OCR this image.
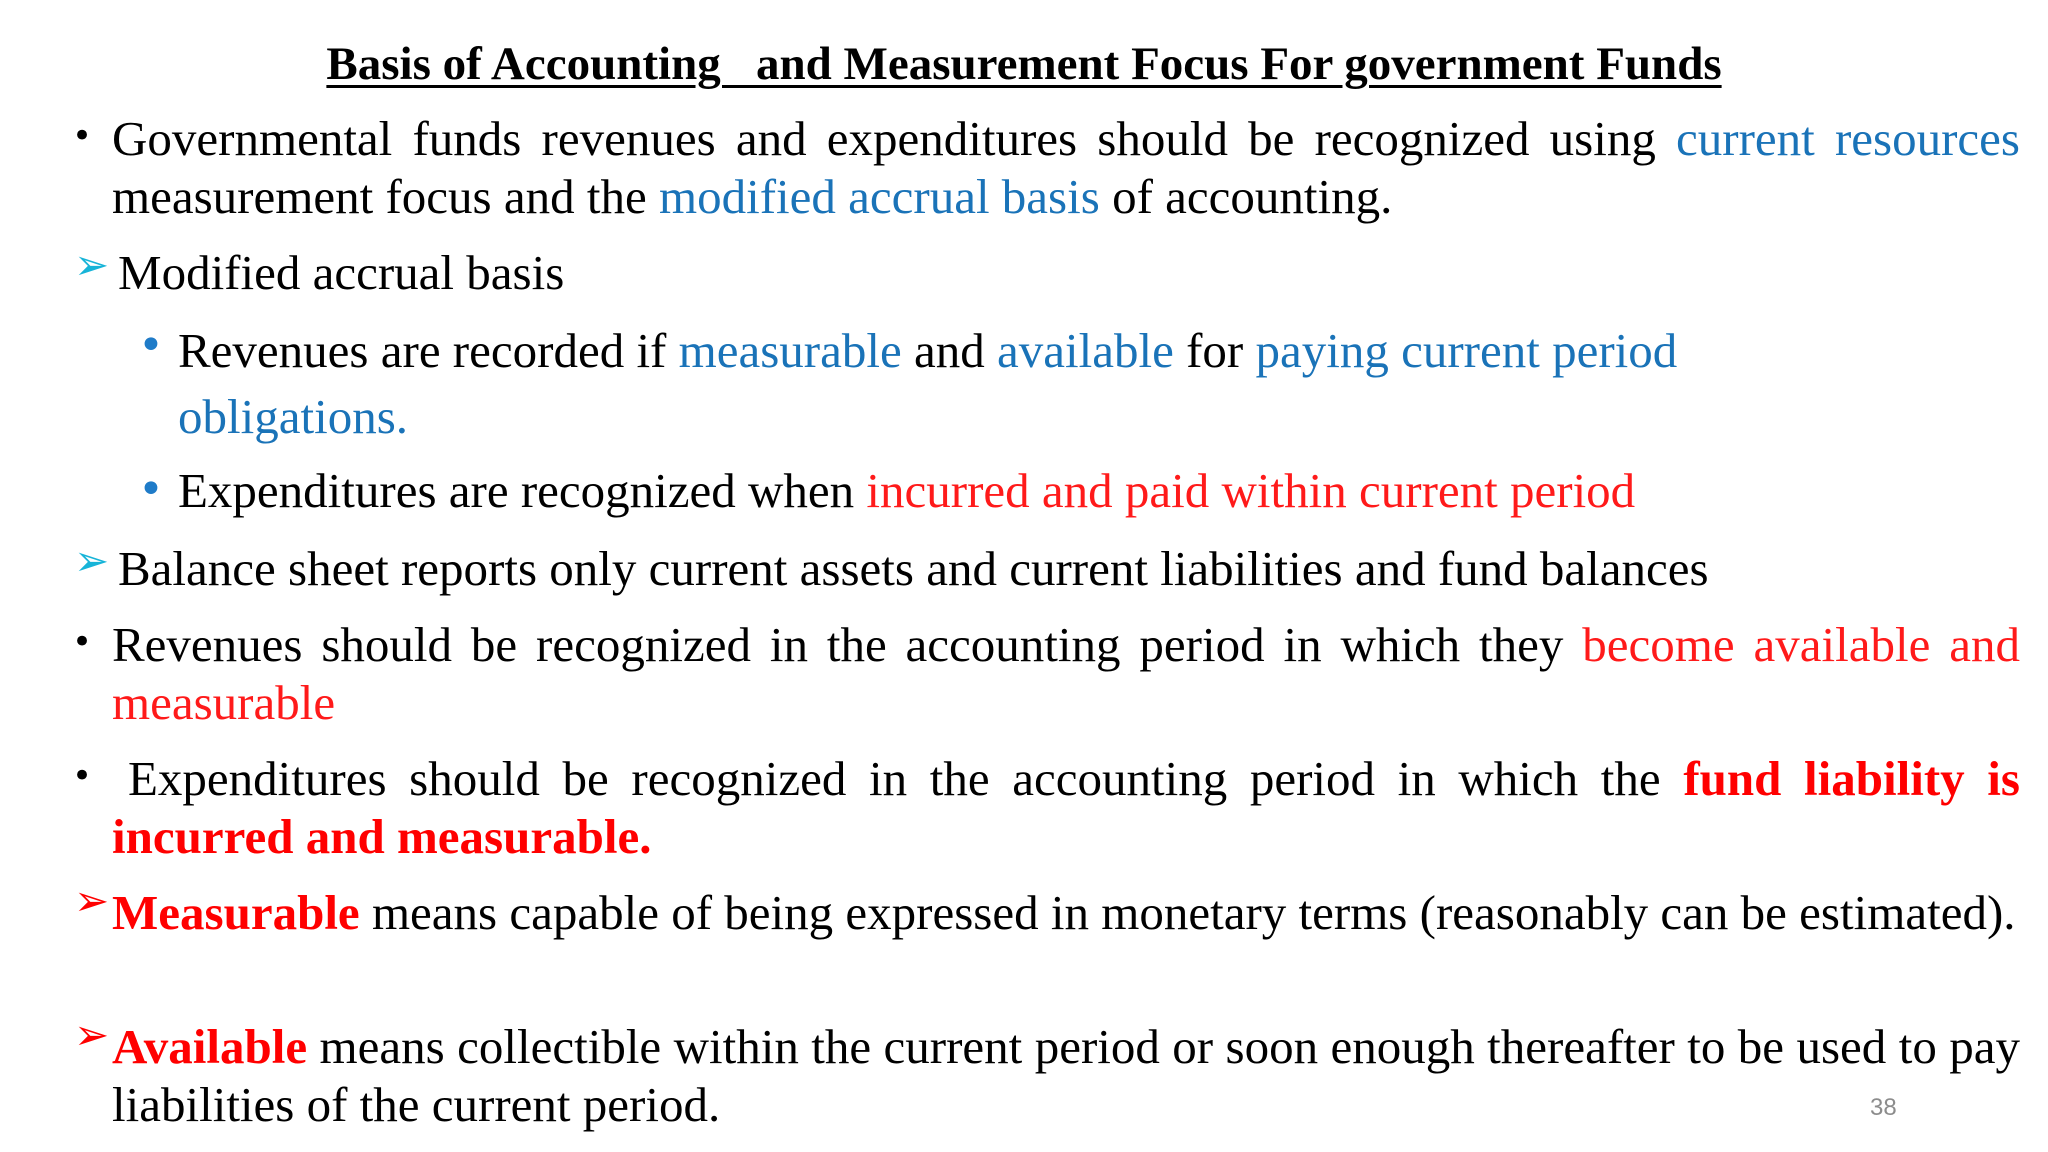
Basis of Accounting   and Measurement Focus For government Funds
• Governmental funds revenues and expenditures should be recognized using current resources measurement focus and the modified accrual basis of accounting.
➢ Modified accrual basis
• Revenues are recorded if measurable and available for paying current period obligations.
• Expenditures are recognized when incurred and paid within current period
➢ Balance sheet reports only current assets and current liabilities and fund balances
• Revenues should be recognized in the accounting period in which they become available and measurable
• Expenditures should be recognized in the accounting period in which the fund liability is incurred and measurable.
➢ Measurable means capable of being expressed in monetary terms (reasonably can be estimated).
➢ Available means collectible within the current period or soon enough thereafter to be used to pay liabilities of the current period.	38
